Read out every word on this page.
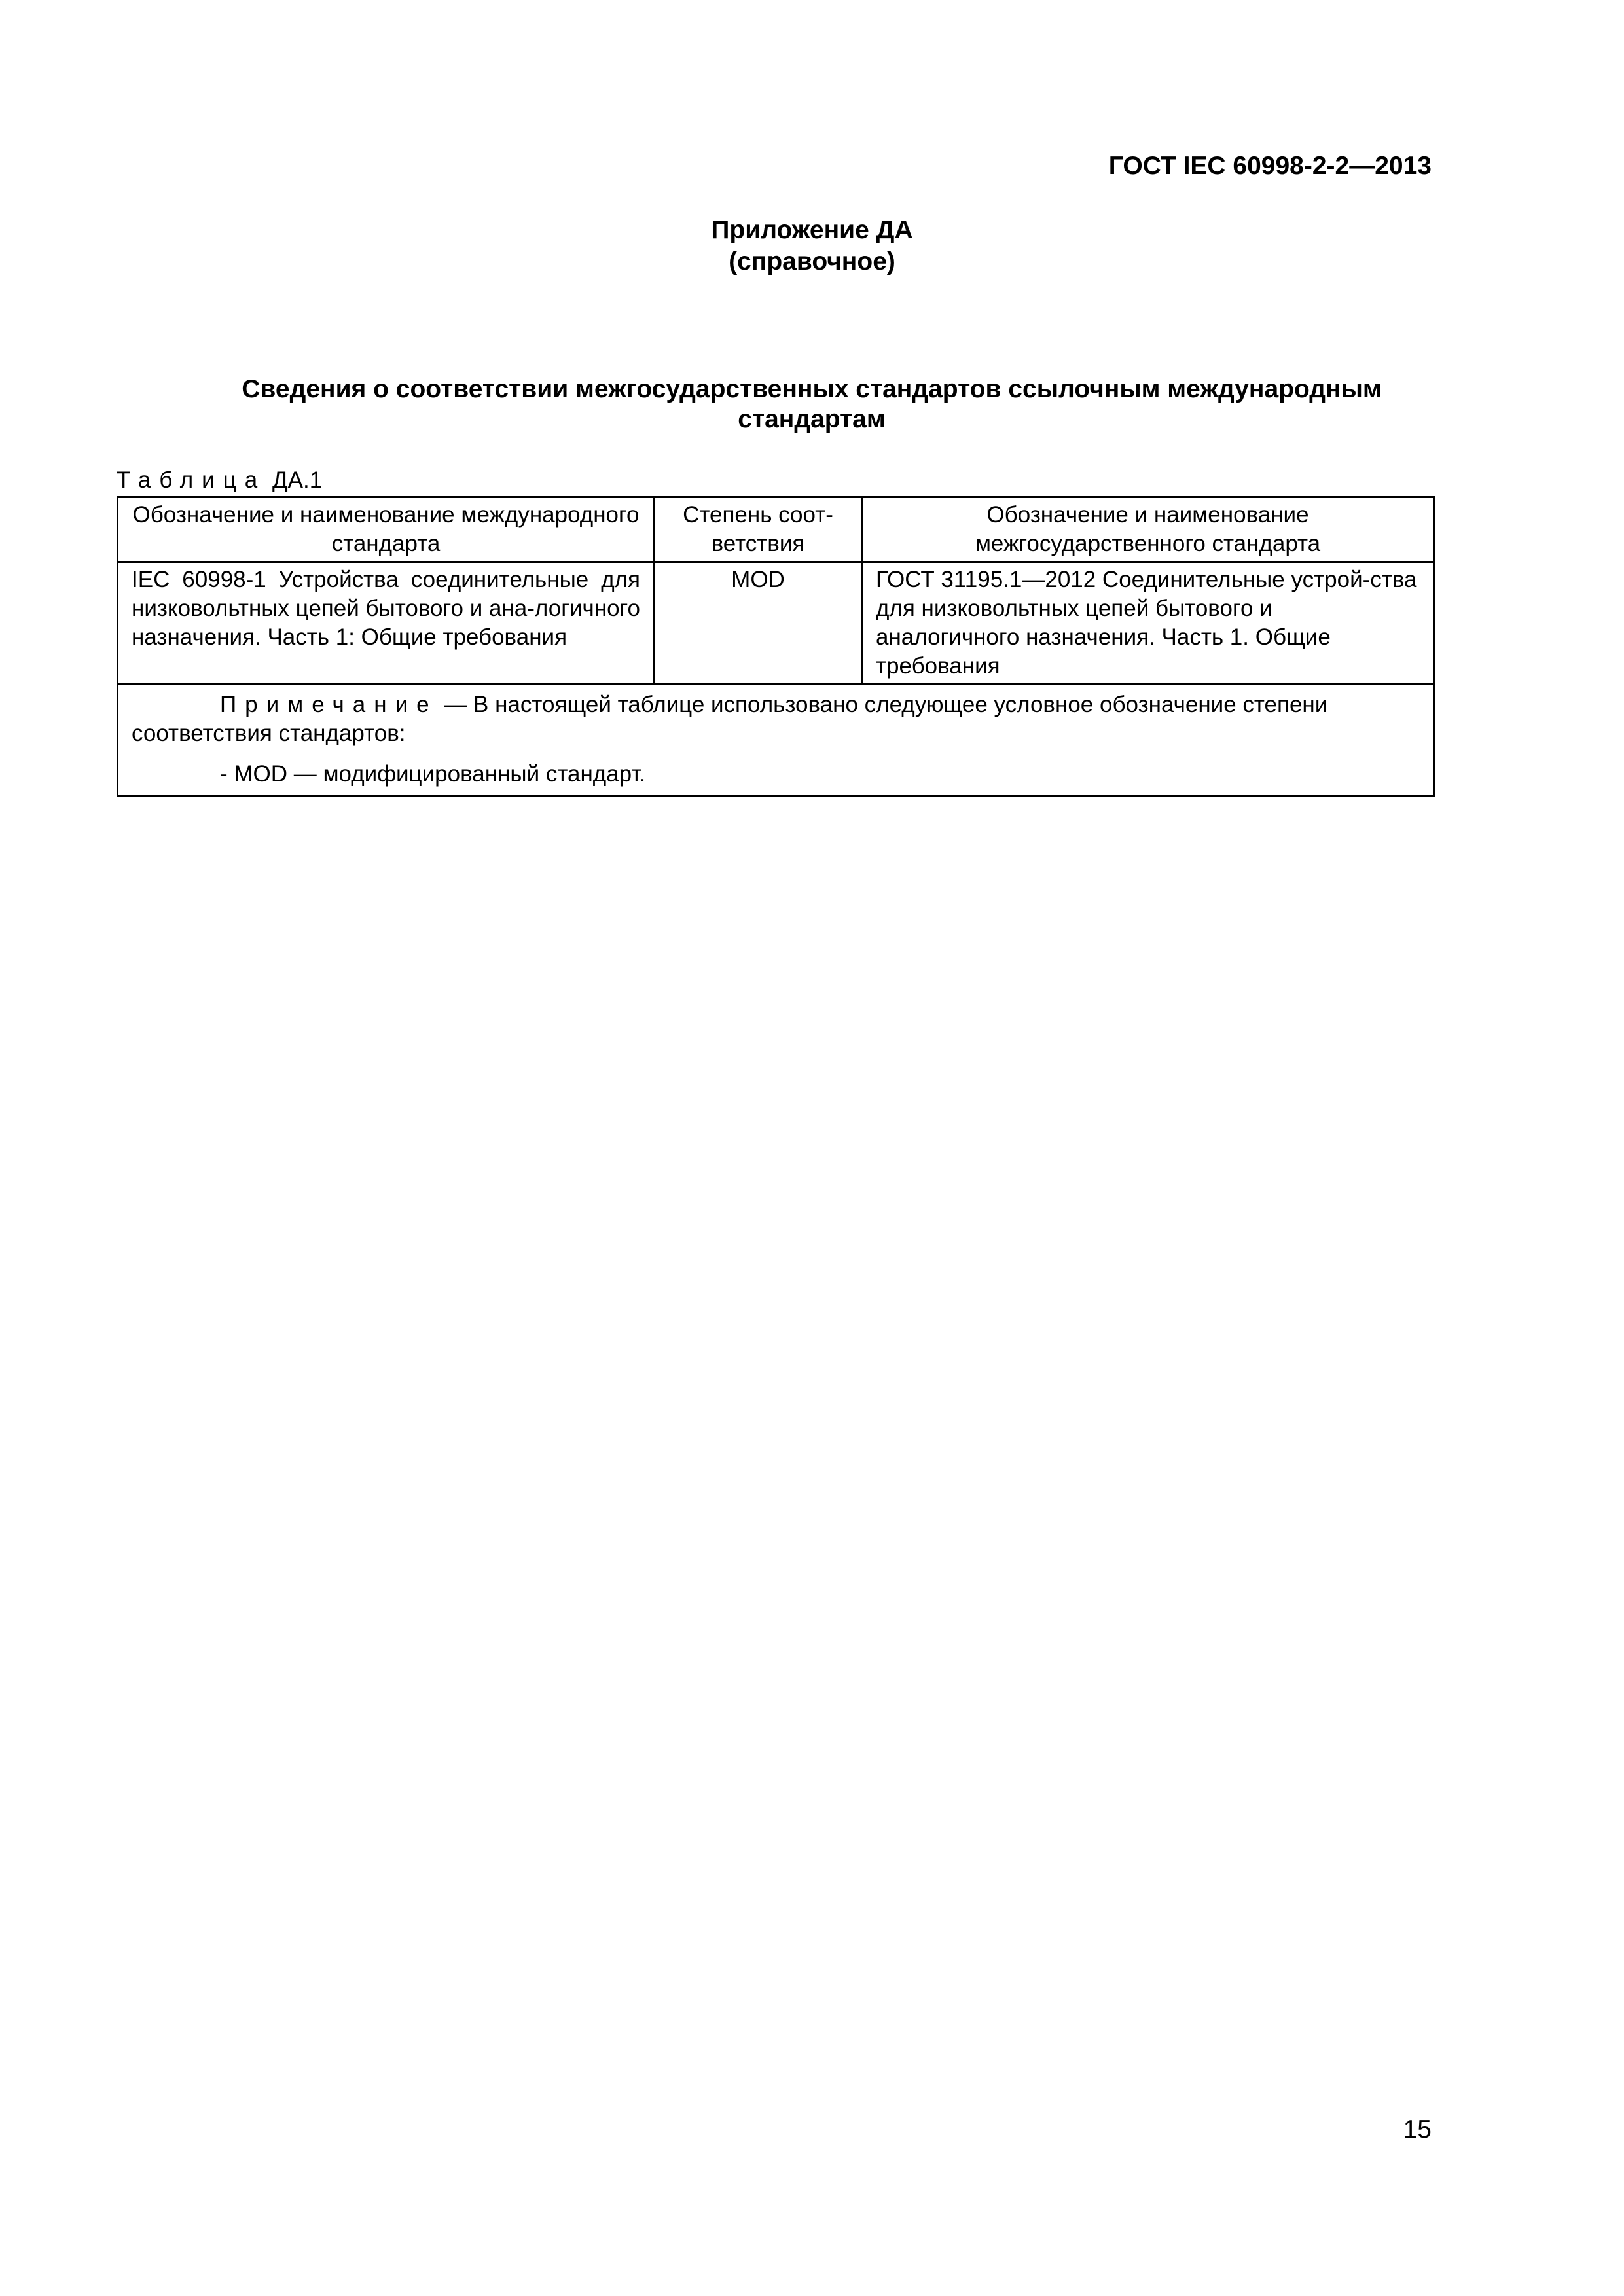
ГОСТ IEC 60998-2-2—2013
Приложение ДА
(справочное)
Сведения о соответствии межгосударственных стандартов ссылочным международным стандартам
Таблица ДА.1
Обозначение и наименование международного стандарта	Степень соот-ветствия	Обозначение и наименование межгосударственного стандарта
IEC 60998-1 Устройства соединительные для низковольтных цепей бытового и ана-логичного назначения. Часть 1: Общие требования	MOD	ГОСТ 31195.1—2012 Соединительные устрой-ства для низковольтных цепей бытового и аналогичного назначения. Часть 1. Общие требования

Примечание — В настоящей таблице использовано следующее условное обозначение степени соответствия стандартов:
- MOD — модифицированный стандарт.		
15
